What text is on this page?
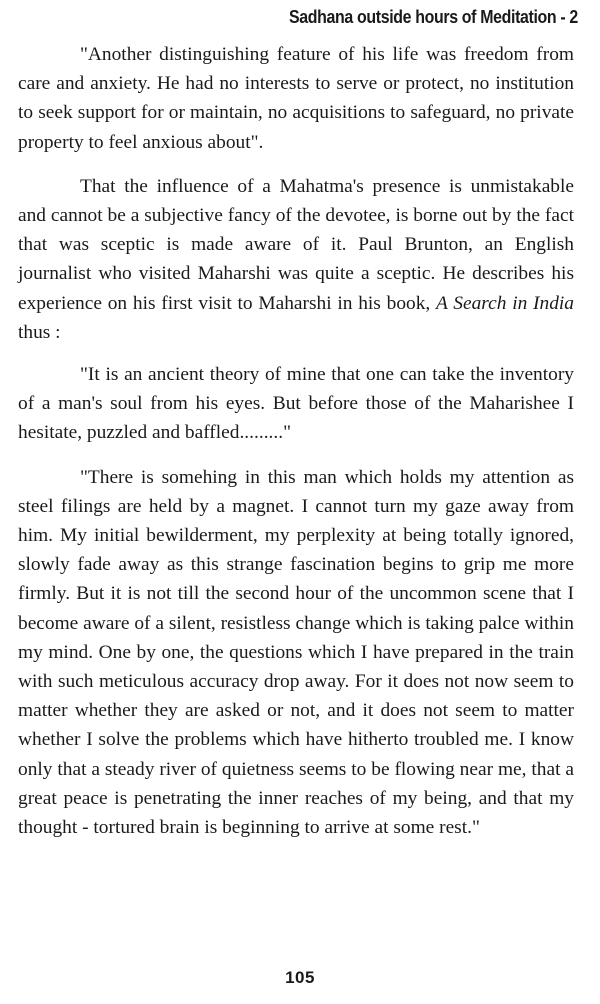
Sadhana outside hours of Meditation - 2

"Another distinguishing feature of his life was freedom from care and anxiety. He had no interests to serve or protect, no institution to seek support for or maintain, no acquisitions to safeguard, no private property to feel anxious about".

That the influence of a Mahatma's presence is unmistakable and cannot be a subjective fancy of the devotee, is borne out by the fact that was sceptic is made aware of it. Paul Brunton, an English journalist who visited Maharshi was quite a sceptic. He describes his experience on his first visit to Maharshi in his book, A Search in India thus :

"It is an ancient theory of mine that one can take the inventory of a man's soul from his eyes. But before those of the Maharishee I hesitate, puzzled and baffled........."

"There is somehing in this man which holds my attention as steel filings are held by a magnet. I cannot turn my gaze away from him. My initial bewilderment, my perplexity at being totally ignored, slowly fade away as this strange fascination begins to grip me more firmly. But it is not till the second hour of the uncommon scene that I become aware of a silent, resistless change which is taking palce within my mind. One by one, the questions which I have prepared in the train with such meticulous accuracy drop away. For it does not now seem to matter whether they are asked or not, and it does not seem to matter whether I solve the problems which have hitherto troubled me. I know only that a steady river of quietness seems to be flowing near me, that a great peace is penetrating the inner reaches of my being, and that my thought - tortured brain is beginning to arrive at some rest."

105
